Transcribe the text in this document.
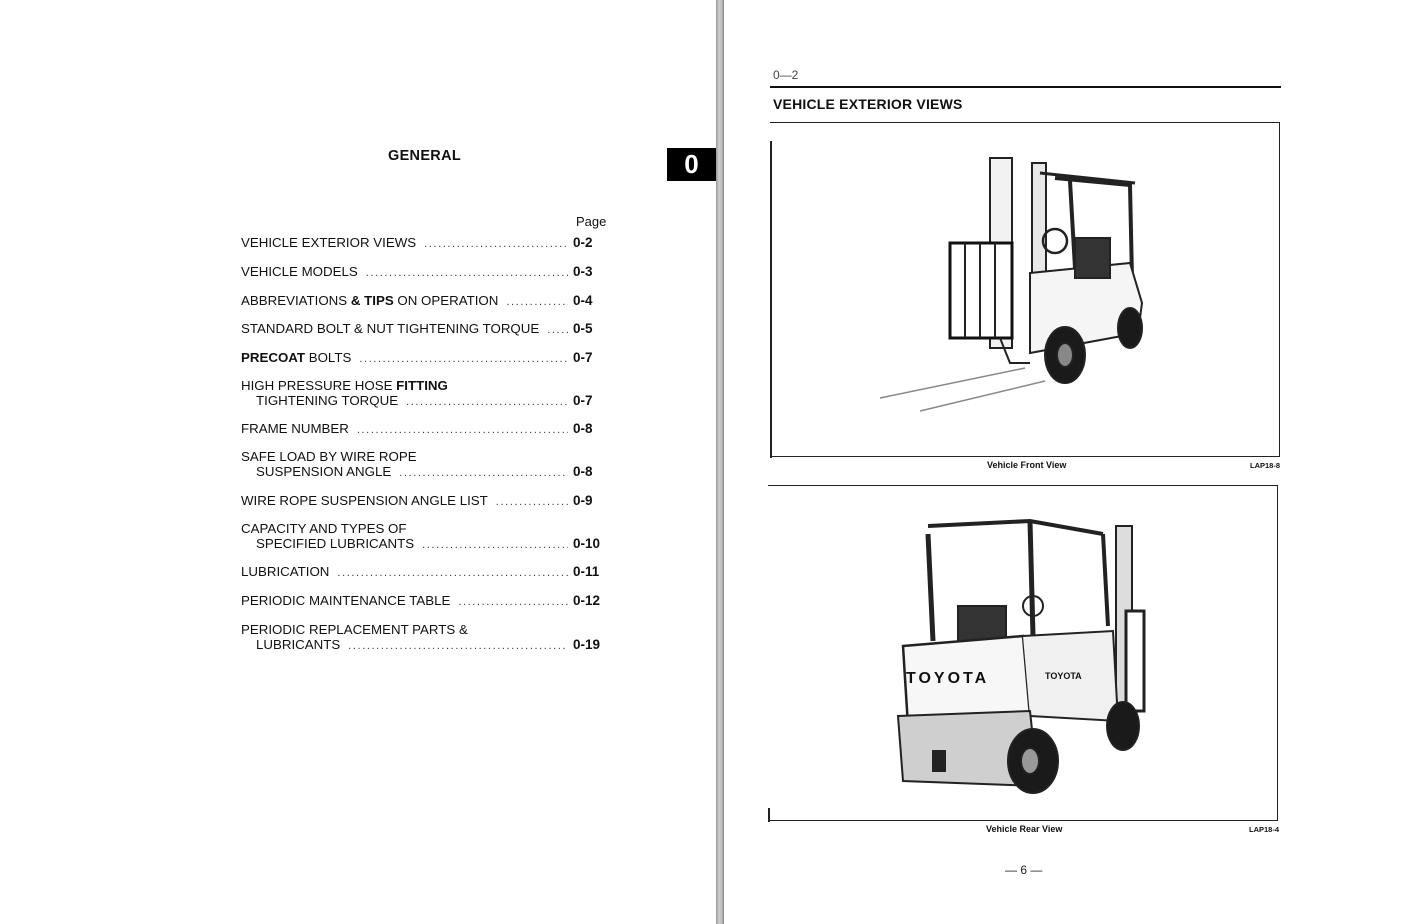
GENERAL	0
Page
VEHICLE EXTERIOR VIEWS .....	0-2
VEHICLE MODELS .....	0-3
ABBREVIATIONS & TIPS ON OPERATION .....	0-4
STANDARD BOLT & NUT TIGHTENING TORQUE .....	0-5
PRECOAT BOLTS .....	0-7
HIGH PRESSURE HOSE FITTING
TIGHTENING TORQUE .....	0-7
FRAME NUMBER .....	0-8
SAFE LOAD BY WIRE ROPE
SUSPENSION ANGLE .....	0-8
WIRE ROPE SUSPENSION ANGLE LIST .....	0-9
CAPACITY AND TYPES OF
SPECIFIED LUBRICANTS .....	0-10
LUBRICATION .....	0-11
PERIODIC MAINTENANCE TABLE .....	0-12
PERIODIC REPLACEMENT PARTS &
LUBRICANTS .....	0-19
0—2
VEHICLE EXTERIOR VIEWS
Vehicle Front View	LAP18-8
TOYOTA	TOYOTA
Vehicle Rear View	LAP18-4
— 6 —
